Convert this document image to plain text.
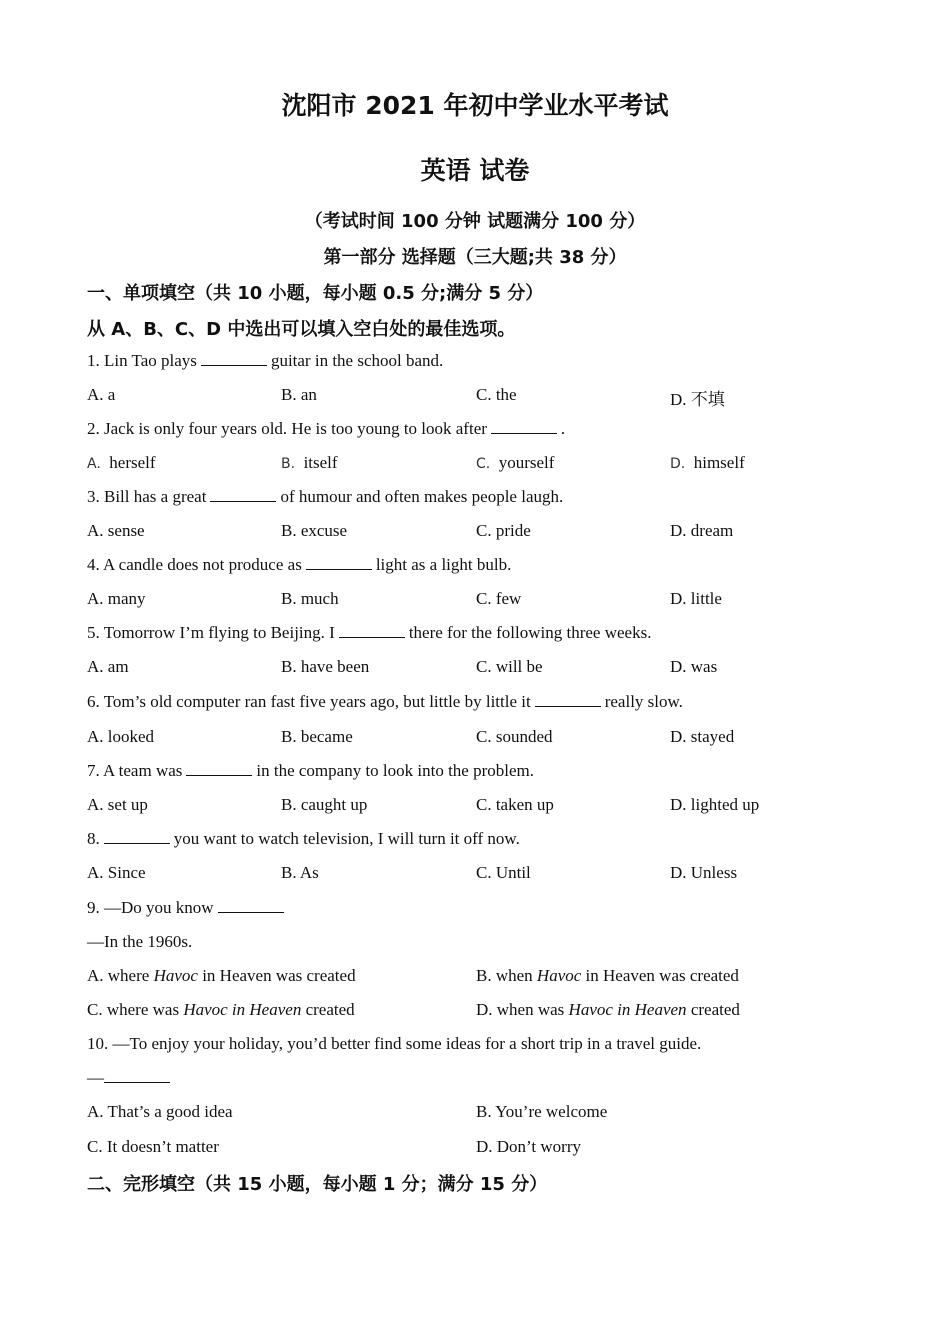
沈阳市 2021 年初中学业水平考试
英语 试卷
（考试时间 100 分钟 试题满分 100 分）
第一部分 选择题（三大题;共 38 分）
一、单项填空（共 10 小题，每小题 0.5 分;满分 5 分）
从 A、B、C、D 中选出可以填入空白处的最佳选项。
1. Lin Tao plays	guitar in the school band.
A. a	B. an	C. the	D. 不填
2. Jack is only four years old. He is too young to look after	.
A. herself	B. itself	C. yourself	D. himself
3. Bill has a great	of humour and often makes people laugh.
A. sense	B. excuse	C. pride	D. dream
4. A candle does not produce as	light as a light bulb.
A. many	B. much	C. few	D. little
5. Tomorrow I’m flying to Beijing. I	there for the following three weeks.
A. am	B. have been	C. will be	D. was
6. Tom’s old computer ran fast five years ago, but little by little it	really slow.
A. looked	B. became	C. sounded	D. stayed
7. A team was	in the company to look into the problem.
A. set up	B. caught up	C. taken up	D. lighted up
8.	you want to watch television, I will turn it off now.
A. Since	B. As	C. Until	D. Unless
9. —Do you know
—In the 1960s.
A. where Havoc in Heaven was created	B. when Havoc in Heaven was created
C. where was Havoc in Heaven created	D. when was Havoc in Heaven created
10. —To enjoy your holiday, you’d better find some ideas for a short trip in a travel guide.
—
A. That’s a good idea	B. You’re welcome
C. It doesn’t matter	D. Don’t worry
二、完形填空（共 15 小题，每小题 1 分；满分 15 分）
